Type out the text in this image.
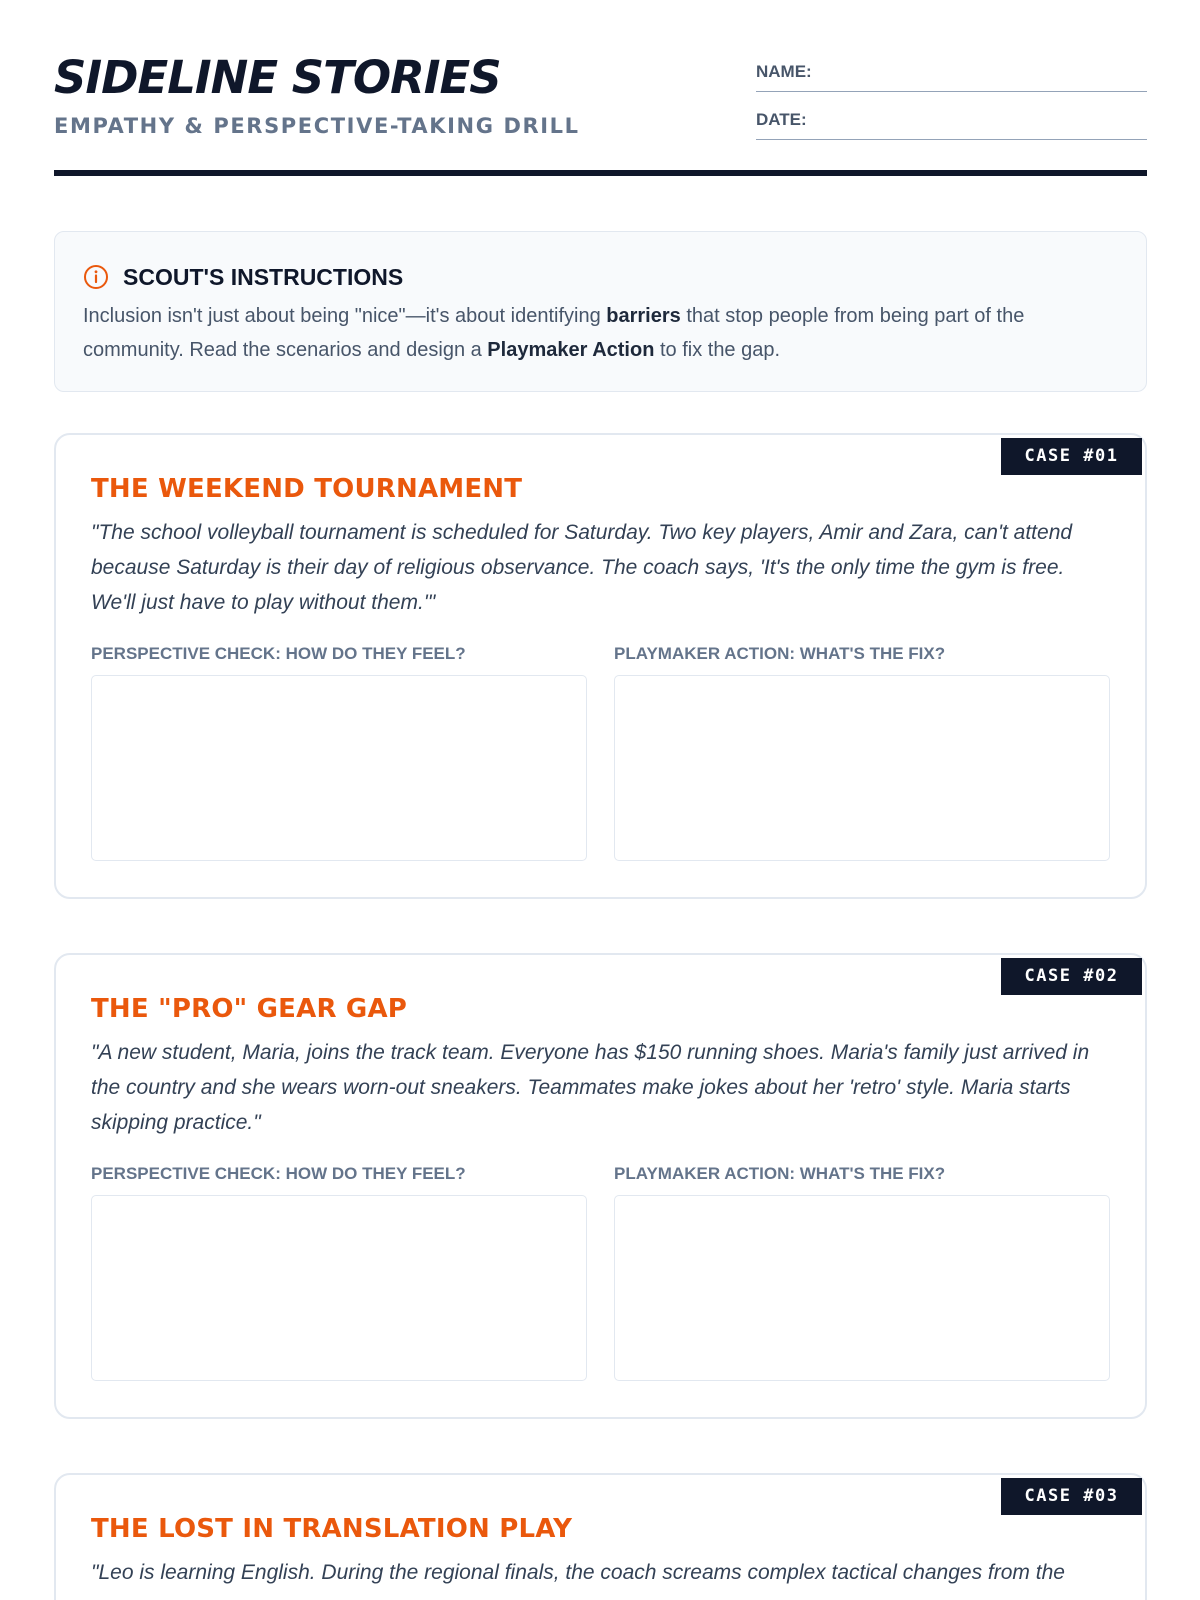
SIDELINE STORIES
EMPATHY & PERSPECTIVE-TAKING DRILL
NAME:
DATE:
SCOUT'S INSTRUCTIONS
Inclusion isn't just about being "nice"—it's about identifying barriers that stop people from being part of the community. Read the scenarios and design a Playmaker Action to fix the gap.
CASE #01
THE WEEKEND TOURNAMENT
"The school volleyball tournament is scheduled for Saturday. Two key players, Amir and Zara, can't attend because Saturday is their day of religious observance. The coach says, 'It's the only time the gym is free. We'll just have to play without them.'"
PERSPECTIVE CHECK: HOW DO THEY FEEL?	PLAYMAKER ACTION: WHAT'S THE FIX?
CASE #02
THE "PRO" GEAR GAP
"A new student, Maria, joins the track team. Everyone has $150 running shoes. Maria's family just arrived in the country and she wears worn-out sneakers. Teammates make jokes about her 'retro' style. Maria starts skipping practice."
PERSPECTIVE CHECK: HOW DO THEY FEEL?	PLAYMAKER ACTION: WHAT'S THE FIX?
CASE #03
THE LOST IN TRANSLATION PLAY
"Leo is learning English. During the regional finals, the coach screams complex tactical changes from the
